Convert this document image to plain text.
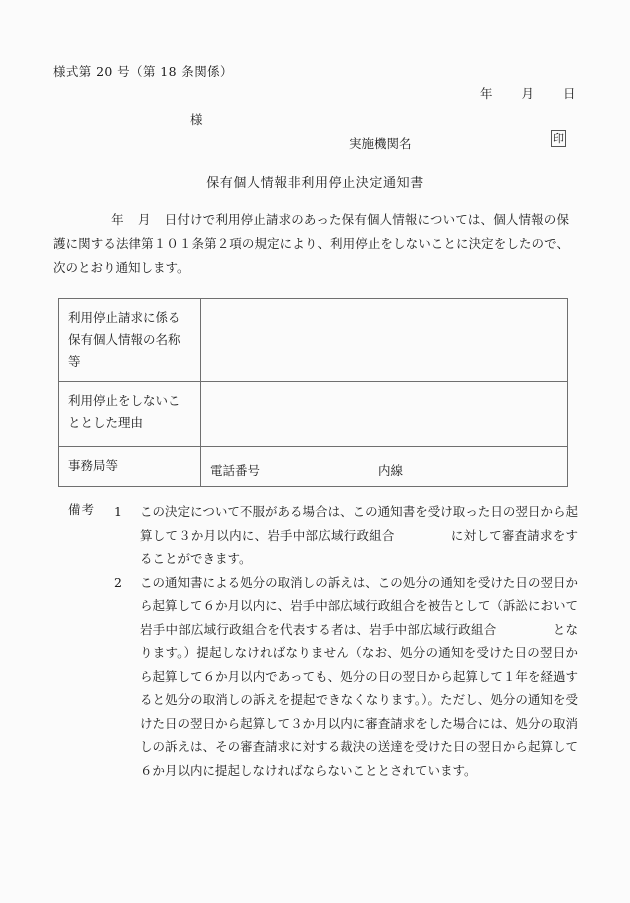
様式第 20 号（第 18 条関係）
年 月 日
様
実施機関名	印
保有個人情報非利用停止決定通知書
年 月 日付けで利用停止請求のあった保有個人情報については、個人情報の保護に関する法律第１０１条第２項の規定により、利用停止をしないことに決定をしたので、次のとおり通知します。
利用停止請求に係る保有個人情報の名称等	
利用停止をしないこととした理由	
事務局等	電話番号 内線
備考 1	この決定について不服がある場合は、この通知書を受け取った日の翌日から起算して３か月以内に、岩手中部広域行政組合	に対して審査請求をすることができます。
2	この通知書による処分の取消しの訴えは、この処分の通知を受けた日の翌日から起算して６か月以内に、岩手中部広域行政組合を被告として（訴訟において岩手中部広域行政組合を代表する者は、岩手中部広域行政組合	となります。）提起しなければなりません（なお、処分の通知を受けた日の翌日から起算して６か月以内であっても、処分の日の翌日から起算して１年を経過すると処分の取消しの訴えを提起できなくなります。）。ただし、処分の通知を受けた日の翌日から起算して３か月以内に審査請求をした場合には、処分の取消しの訴えは、その審査請求に対する裁決の送達を受けた日の翌日から起算して６か月以内に提起しなければならないこととされています。
